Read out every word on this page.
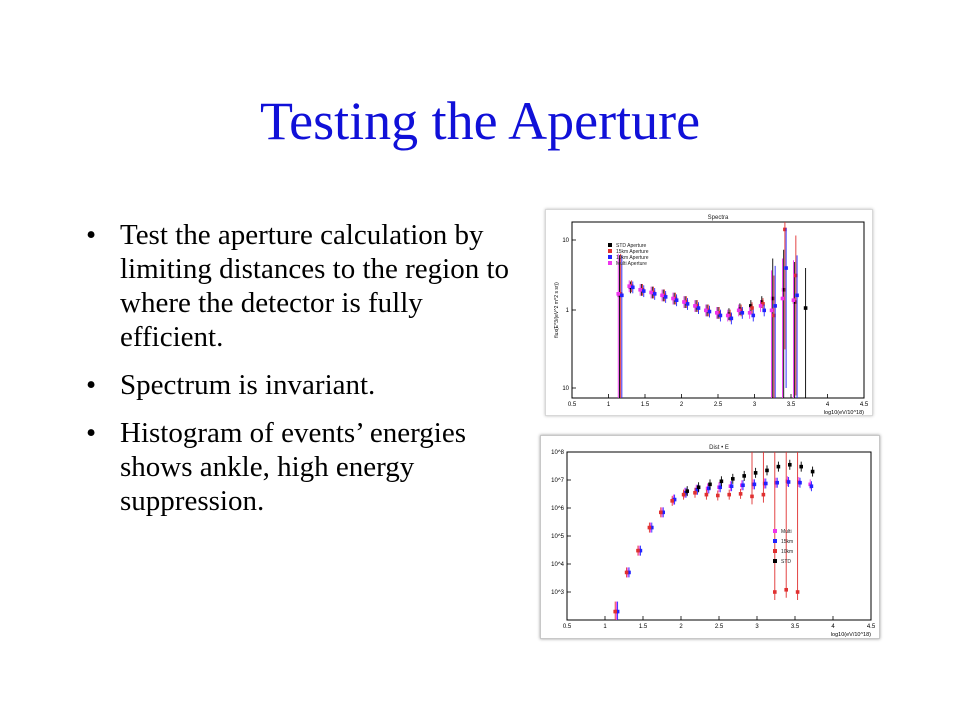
Testing the Aperture
• Test the aperture calculation by limiting distances to the region to where the detector is fully efficient.
• Spectrum is invariant.
• Histogram of events’ energies shows ankle, high energy suppression.
Spectra
0.5	1	1.5	2	2.5	3	3.5	4	4.5
log10(eV/10^18)
flux(E^3/(eV^2 m^2 s sr))
10
1
10
STD Aperture
15km Aperture
10km Aperture
Multi Aperture
Dist • E
0.5	1	1.5	2	2.5	3	3.5	4	4.5
log10(eV/10^18)
10^3
10^4
10^5
10^6
10^7
10^8
Multi
15km
10km
STD
